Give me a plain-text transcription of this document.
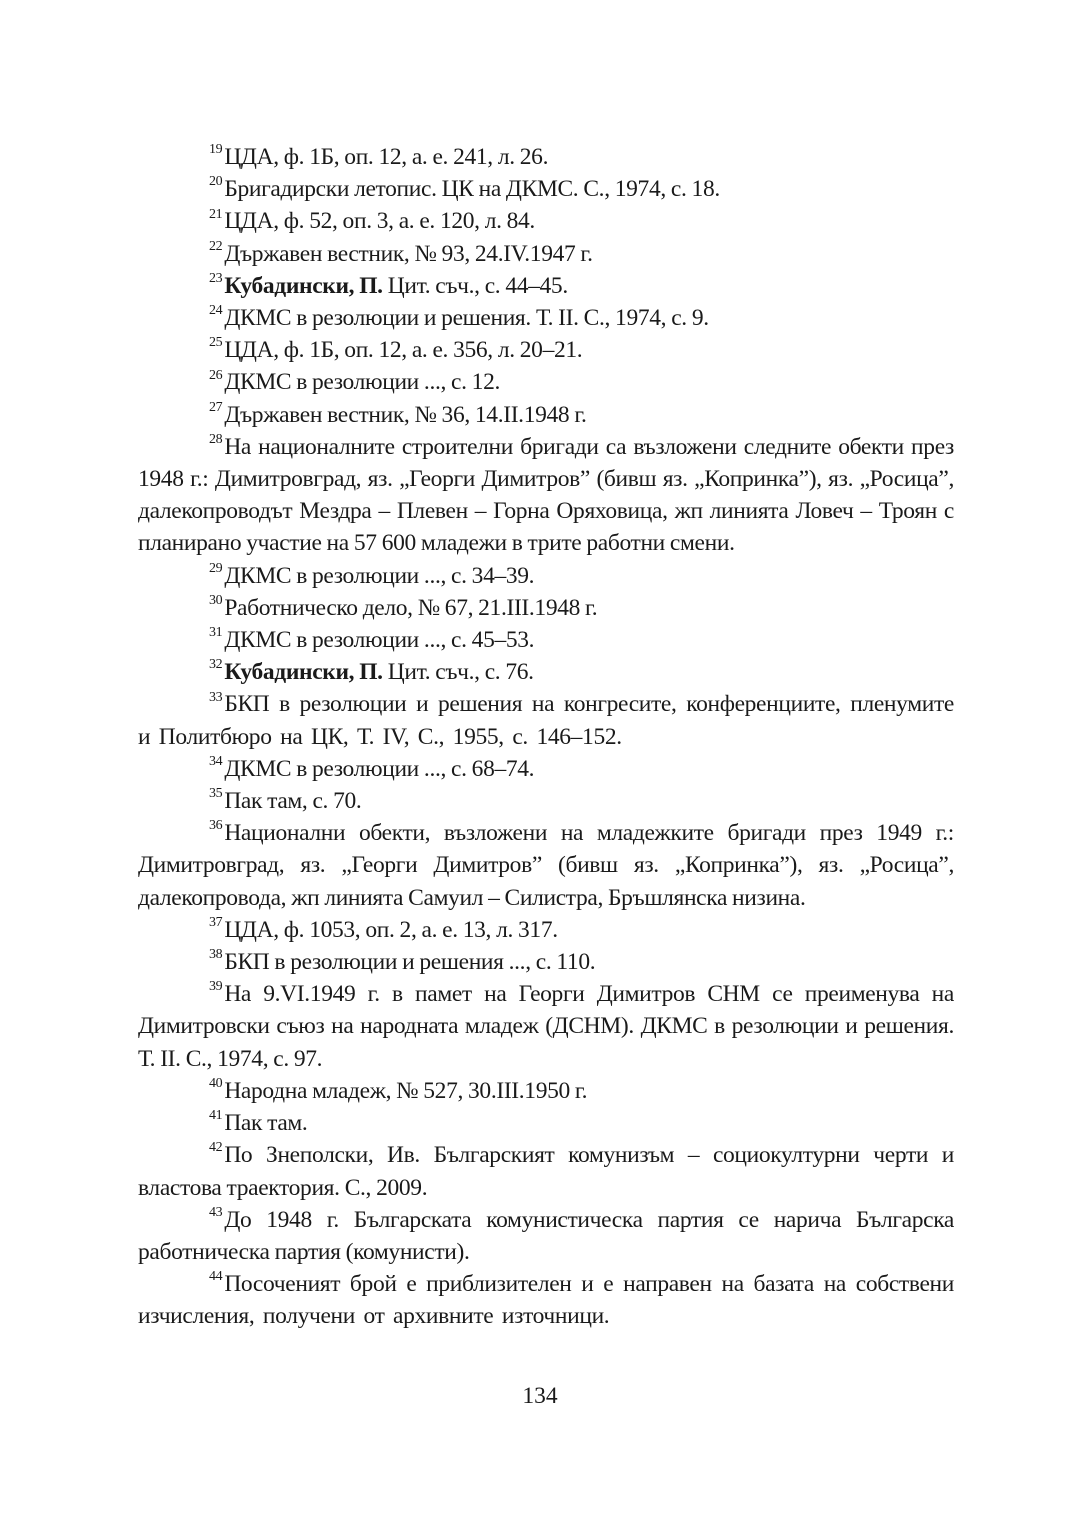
$^{19}$ЦДА, ф. 1Б, оп. 12, а. е. 241, л. 26.

$^{20}$Бригадирски летопис. ЦК на ДКМС. С., 1974, с. 18.

$^{21}$ЦДА, ф. 52, оп. 3, а. е. 120, л. 84.

$^{22}$Държавен вестник, № 93, 24.IV.1947 г.

$^{23}$Кубадински, П. Цит. съч., с. 44–45.

$^{24}$ДКМС в резолюции и решения. Т. II. С., 1974, с. 9.

$^{25}$ЦДА, ф. 1Б, оп. 12, а. е. 356, л. 20–21.

$^{26}$ДКМС в резолюции ..., с. 12.

$^{27}$Държавен вестник, № 36, 14.II.1948 г.

$^{28}$На националните строителни бригади са възложени следните обекти през 1948 г.: Димитровград, яз. „Георги Димитров” (бивш яз. „Копринка”), яз. „Росица”, далекопроводът Мездра – Плевен – Горна Оряховица, жп линията Ловеч – Троян с планирано участие на 57 600 младежи в трите работни смени.

$^{29}$ДКМС в резолюции ..., с. 34–39.

$^{30}$Работническо дело, № 67, 21.III.1948 г.

$^{31}$ДКМС в резолюции ..., с. 45–53.

$^{32}$Кубадински, П. Цит. съч., с. 76.

$^{33}$БКП в резолюции и решения на конгресите, конференциите, пленумите и Политбюро на ЦК, Т. IV, С., 1955, с. 146–152.

$^{34}$ДКМС в резолюции ..., с. 68–74.

$^{35}$Пак там, с. 70.

$^{36}$Национални обекти, възложени на младежките бригади през 1949 г.: Димитровград, яз. „Георги Димитров” (бивш яз. „Копринка”), яз. „Росица”, далекопровода, жп линията Самуил – Силистра, Бръшлянска низина.

$^{37}$ЦДА, ф. 1053, оп. 2, а. е. 13, л. 317.

$^{38}$БКП в резолюции и решения ..., с. 110.

$^{39}$На 9.VI.1949 г. в памет на Георги Димитров СНМ се преименува на Димитровски съюз на народната младеж (ДСНМ). ДКМС в резолюции и решения. Т. II. С., 1974, с. 97.

$^{40}$Народна младеж, № 527, 30.III.1950 г.

$^{41}$Пак там.

$^{42}$По Знеполски, Ив. Българският комунизъм – социокултурни черти и властова траектория. С., 2009.

$^{43}$До 1948 г. Българската комунистическа партия се нарича Българска работническа партия (комунисти).

$^{44}$Посоченият брой е приблизителен и е направен на базата на собствени изчисления, получени от архивните източници.

134
